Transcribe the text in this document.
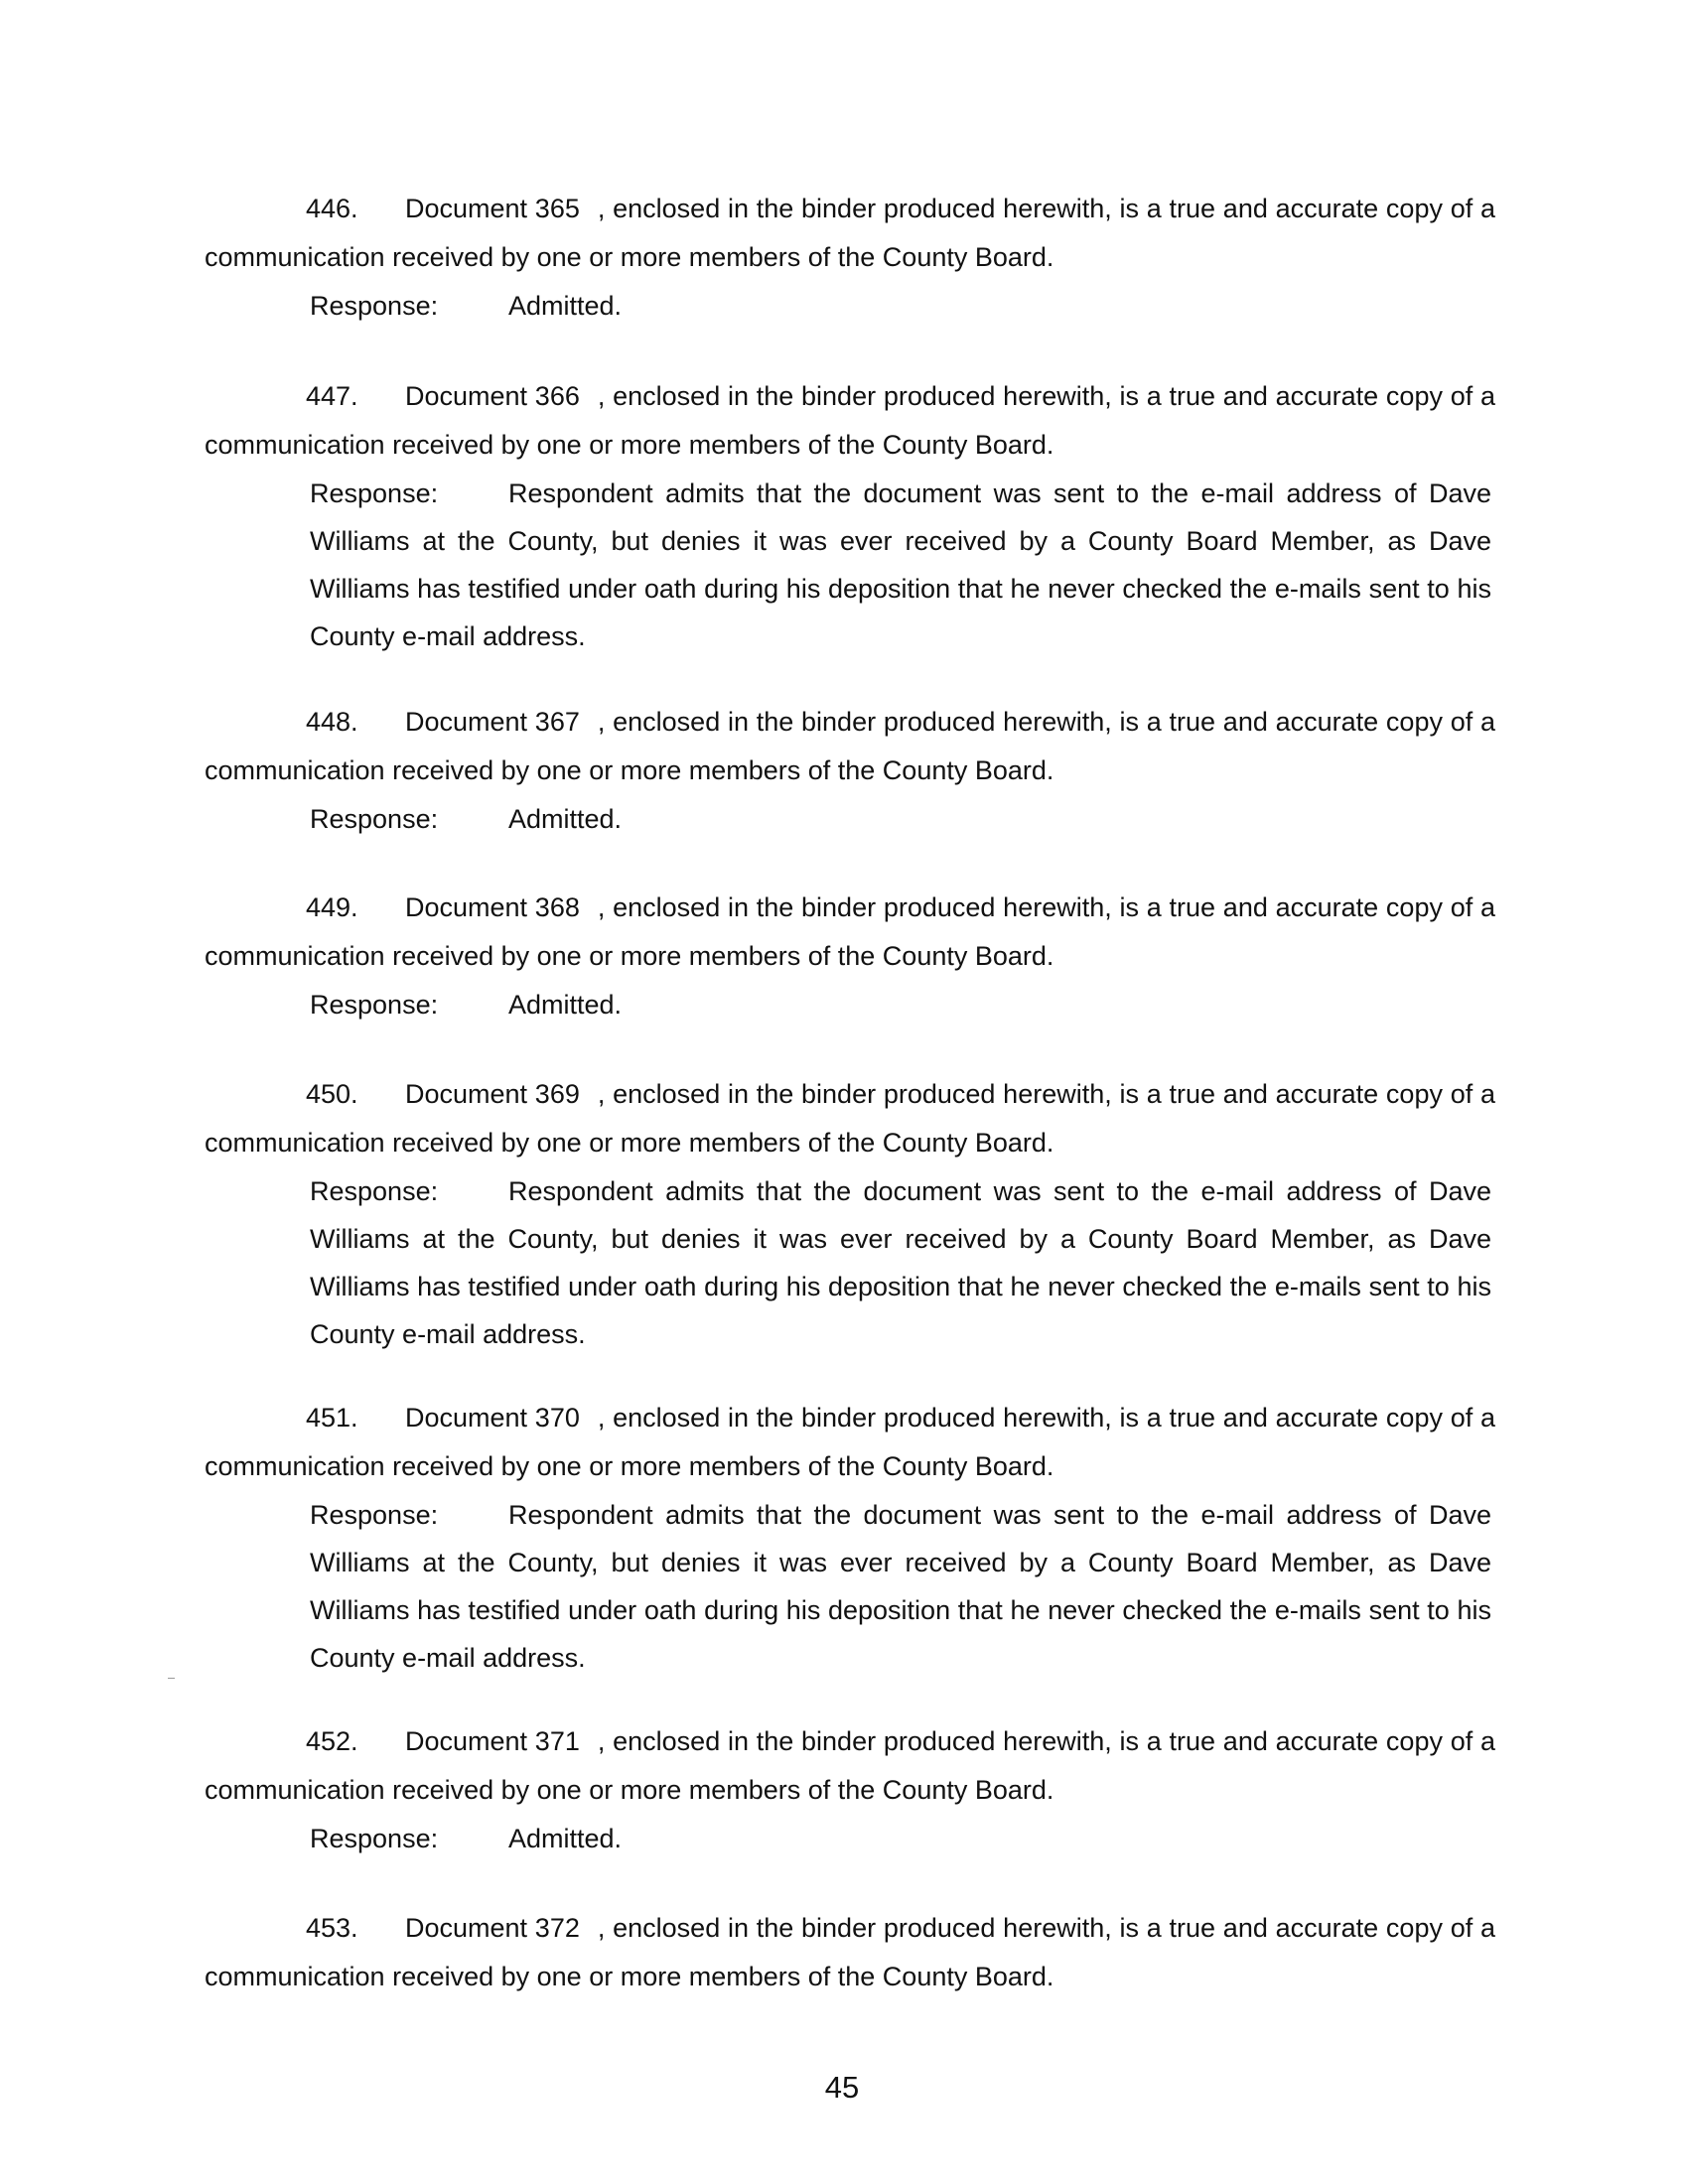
446. Document 365 , enclosed in the binder produced herewith, is a true and accurate copy of a communication received by one or more members of the County Board.
Response:	Admitted.
447. Document 366 , enclosed in the binder produced herewith, is a true and accurate copy of a communication received by one or more members of the County Board.
Response:	Respondent admits that the document was sent to the e-mail address of Dave Williams at the County, but denies it was ever received by a County Board Member, as Dave Williams has testified under oath during his deposition that he never checked the e-mails sent to his County e-mail address.
448. Document 367 , enclosed in the binder produced herewith, is a true and accurate copy of a communication received by one or more members of the County Board.
Response:	Admitted.
449. Document 368 , enclosed in the binder produced herewith, is a true and accurate copy of a communication received by one or more members of the County Board.
Response:	Admitted.
450. Document 369 , enclosed in the binder produced herewith, is a true and accurate copy of a communication received by one or more members of the County Board.
Response:	Respondent admits that the document was sent to the e-mail address of Dave Williams at the County, but denies it was ever received by a County Board Member, as Dave Williams has testified under oath during his deposition that he never checked the e-mails sent to his County e-mail address.
451. Document 370 , enclosed in the binder produced herewith, is a true and accurate copy of a communication received by one or more members of the County Board.
Response:	Respondent admits that the document was sent to the e-mail address of Dave Williams at the County, but denies it was ever received by a County Board Member, as Dave Williams has testified under oath during his deposition that he never checked the e-mails sent to his County e-mail address.
452. Document 371 , enclosed in the binder produced herewith, is a true and accurate copy of a communication received by one or more members of the County Board.
Response:	Admitted.
453. Document 372 , enclosed in the binder produced herewith, is a true and accurate copy of a communication received by one or more members of the County Board.
45
